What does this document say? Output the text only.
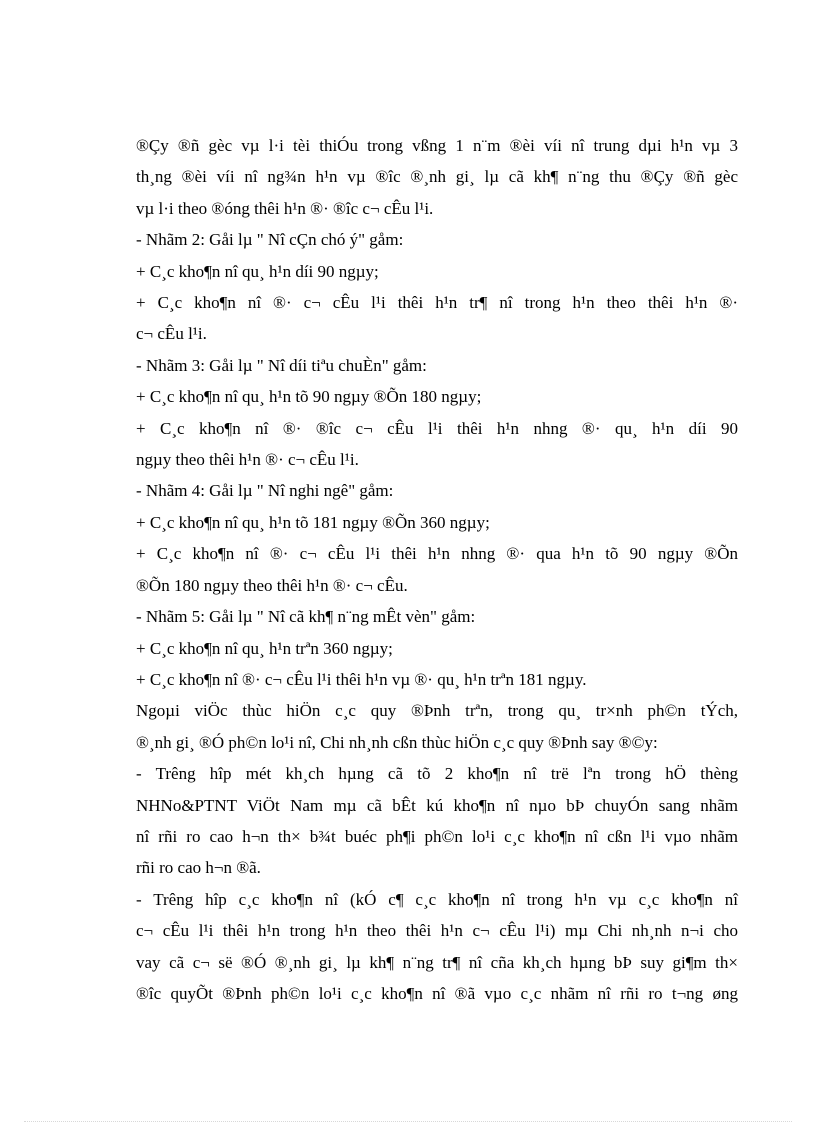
®Çy ®ñ gèc vµ l·i tèi thiÓu trong vßng 1 n¨m ®èi víi nî trung dµi h¹n vµ 3

th¸ng ®èi víi nî ng¾n h¹n vµ ®îc ®¸nh gi¸ lµ cã kh¶ n¨ng thu ®Çy ®ñ gèc

vµ l·i theo ®óng thêi h¹n ®· ®îc c¬ cÊu l¹i.

- Nhãm 2: Gåi lµ " Nî cÇn chó ý" gåm:

+ C¸c kho¶n nî qu¸ h¹n díi 90 ngµy;

+ C¸c kho¶n nî ®· c¬ cÊu l¹i thêi h¹n tr¶ nî trong h¹n theo thêi h¹n ®·

c¬ cÊu l¹i.

- Nhãm 3: Gåi lµ " Nî díi tiªu chuÈn" gåm:

+ C¸c kho¶n nî qu¸ h¹n tõ 90 ngµy ®Õn 180 ngµy;

+ C¸c kho¶n nî ®· ®îc c¬ cÊu l¹i thêi h¹n nhng ®· qu¸ h¹n díi 90

ngµy theo thêi h¹n ®· c¬ cÊu l¹i.

- Nhãm 4: Gåi lµ " Nî nghi ngê" gåm:

+ C¸c kho¶n nî qu¸ h¹n tõ 181 ngµy ®Õn 360 ngµy;

+ C¸c kho¶n nî ®· c¬ cÊu l¹i thêi h¹n nhng ®· qua h¹n tõ 90 ngµy ®Õn

®Õn 180 ngµy theo thêi h¹n ®· c¬ cÊu.

- Nhãm 5: Gåi lµ " Nî cã kh¶ n¨ng mÊt vèn" gåm:

+ C¸c kho¶n nî qu¸ h¹n trªn 360 ngµy;

+ C¸c kho¶n nî ®· c¬ cÊu l¹i thêi h¹n vµ ®· qu¸ h¹n trªn 181 ngµy.

Ngoµi viÖc thùc hiÖn c¸c quy ®Þnh trªn, trong qu¸ tr×nh ph©n tÝch,

®¸nh gi¸ ®Ó ph©n lo¹i nî, Chi nh¸nh cßn thùc hiÖn c¸c quy ®Þnh say ®©y:

- Trêng hîp mét kh¸ch hµng cã tõ 2 kho¶n nî trë lªn trong hÖ thèng

NHNo&PTNT ViÖt Nam mµ cã bÊt kú kho¶n nî nµo bÞ chuyÓn sang nhãm

nî rñi ro cao h¬n th× b¾t buéc ph¶i ph©n lo¹i c¸c kho¶n nî cßn l¹i vµo nhãm

rñi ro cao h¬n ®ã.

- Trêng hîp c¸c kho¶n nî (kÓ c¶ c¸c kho¶n nî trong h¹n vµ c¸c kho¶n nî

c¬ cÊu l¹i thêi h¹n trong h¹n theo thêi h¹n c¬ cÊu l¹i) mµ Chi nh¸nh n¬i cho

vay cã c¬ së ®Ó ®¸nh gi¸ lµ kh¶ n¨ng tr¶ nî cña kh¸ch hµng bÞ suy gi¶m th×

®îc quyÕt ®Þnh ph©n lo¹i c¸c kho¶n nî ®ã vµo c¸c nhãm nî rñi ro t¬ng øng
